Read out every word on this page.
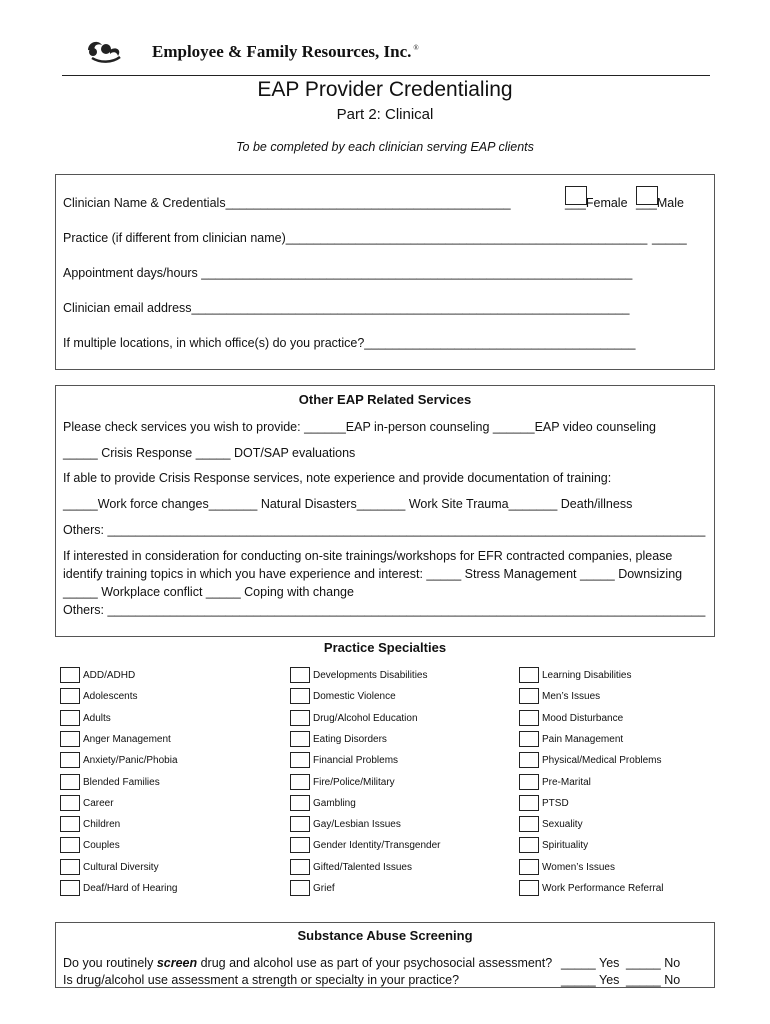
Employee & Family Resources, Inc. ®
EAP Provider Credentialing
Part 2: Clinical
To be completed by each clinician serving EAP clients
Clinician Name & Credentials_________________________________________	___Female ___Male
Practice (if different from clinician name)____________________________________________________ _____
Appointment days/hours ______________________________________________________________
Clinician email address_______________________________________________________________
If multiple locations, in which office(s) do you practice?_______________________________________
Other EAP Related Services
Please check services you wish to provide: ______EAP in-person counseling ______EAP video counseling
_____ Crisis Response _____ DOT/SAP evaluations
If able to provide Crisis Response services, note experience and provide documentation of training:
_____Work force changes_______ Natural Disasters_______ Work Site Trauma_______ Death/illness
Others: ______________________________________________________________________________________
If interested in consideration for conducting on-site trainings/workshops for EFR contracted companies, please
identify training topics in which you have experience and interest: _____ Stress Management _____ Downsizing
_____ Workplace conflict _____ Coping with change
Others: ______________________________________________________________________________________
Practice Specialties
Substance Abuse Screening
Do you routinely screen drug and alcohol use as part of your psychosocial assessment? _____ Yes _____ No
Is drug/alcohol use assessment a strength or specialty in your practice?	_____ Yes _____ No
ADD/ADHD
Adolescents
Adults
Anger Management
Anxiety/Panic/Phobia
Blended Families
Career
Children
Couples
Cultural Diversity
Deaf/Hard of Hearing
Developments Disabilities
Domestic Violence
Drug/Alcohol Education
Eating Disorders
Financial Problems
Fire/Police/Military
Gambling
Gay/Lesbian Issues
Gender Identity/Transgender
Gifted/Talented Issues
Grief
Learning Disabilities
Men’s Issues
Mood Disturbance
Pain Management
Physical/Medical Problems
Pre-Marital
PTSD
Sexuality
Spirituality
Women’s Issues
Work Performance Referral
